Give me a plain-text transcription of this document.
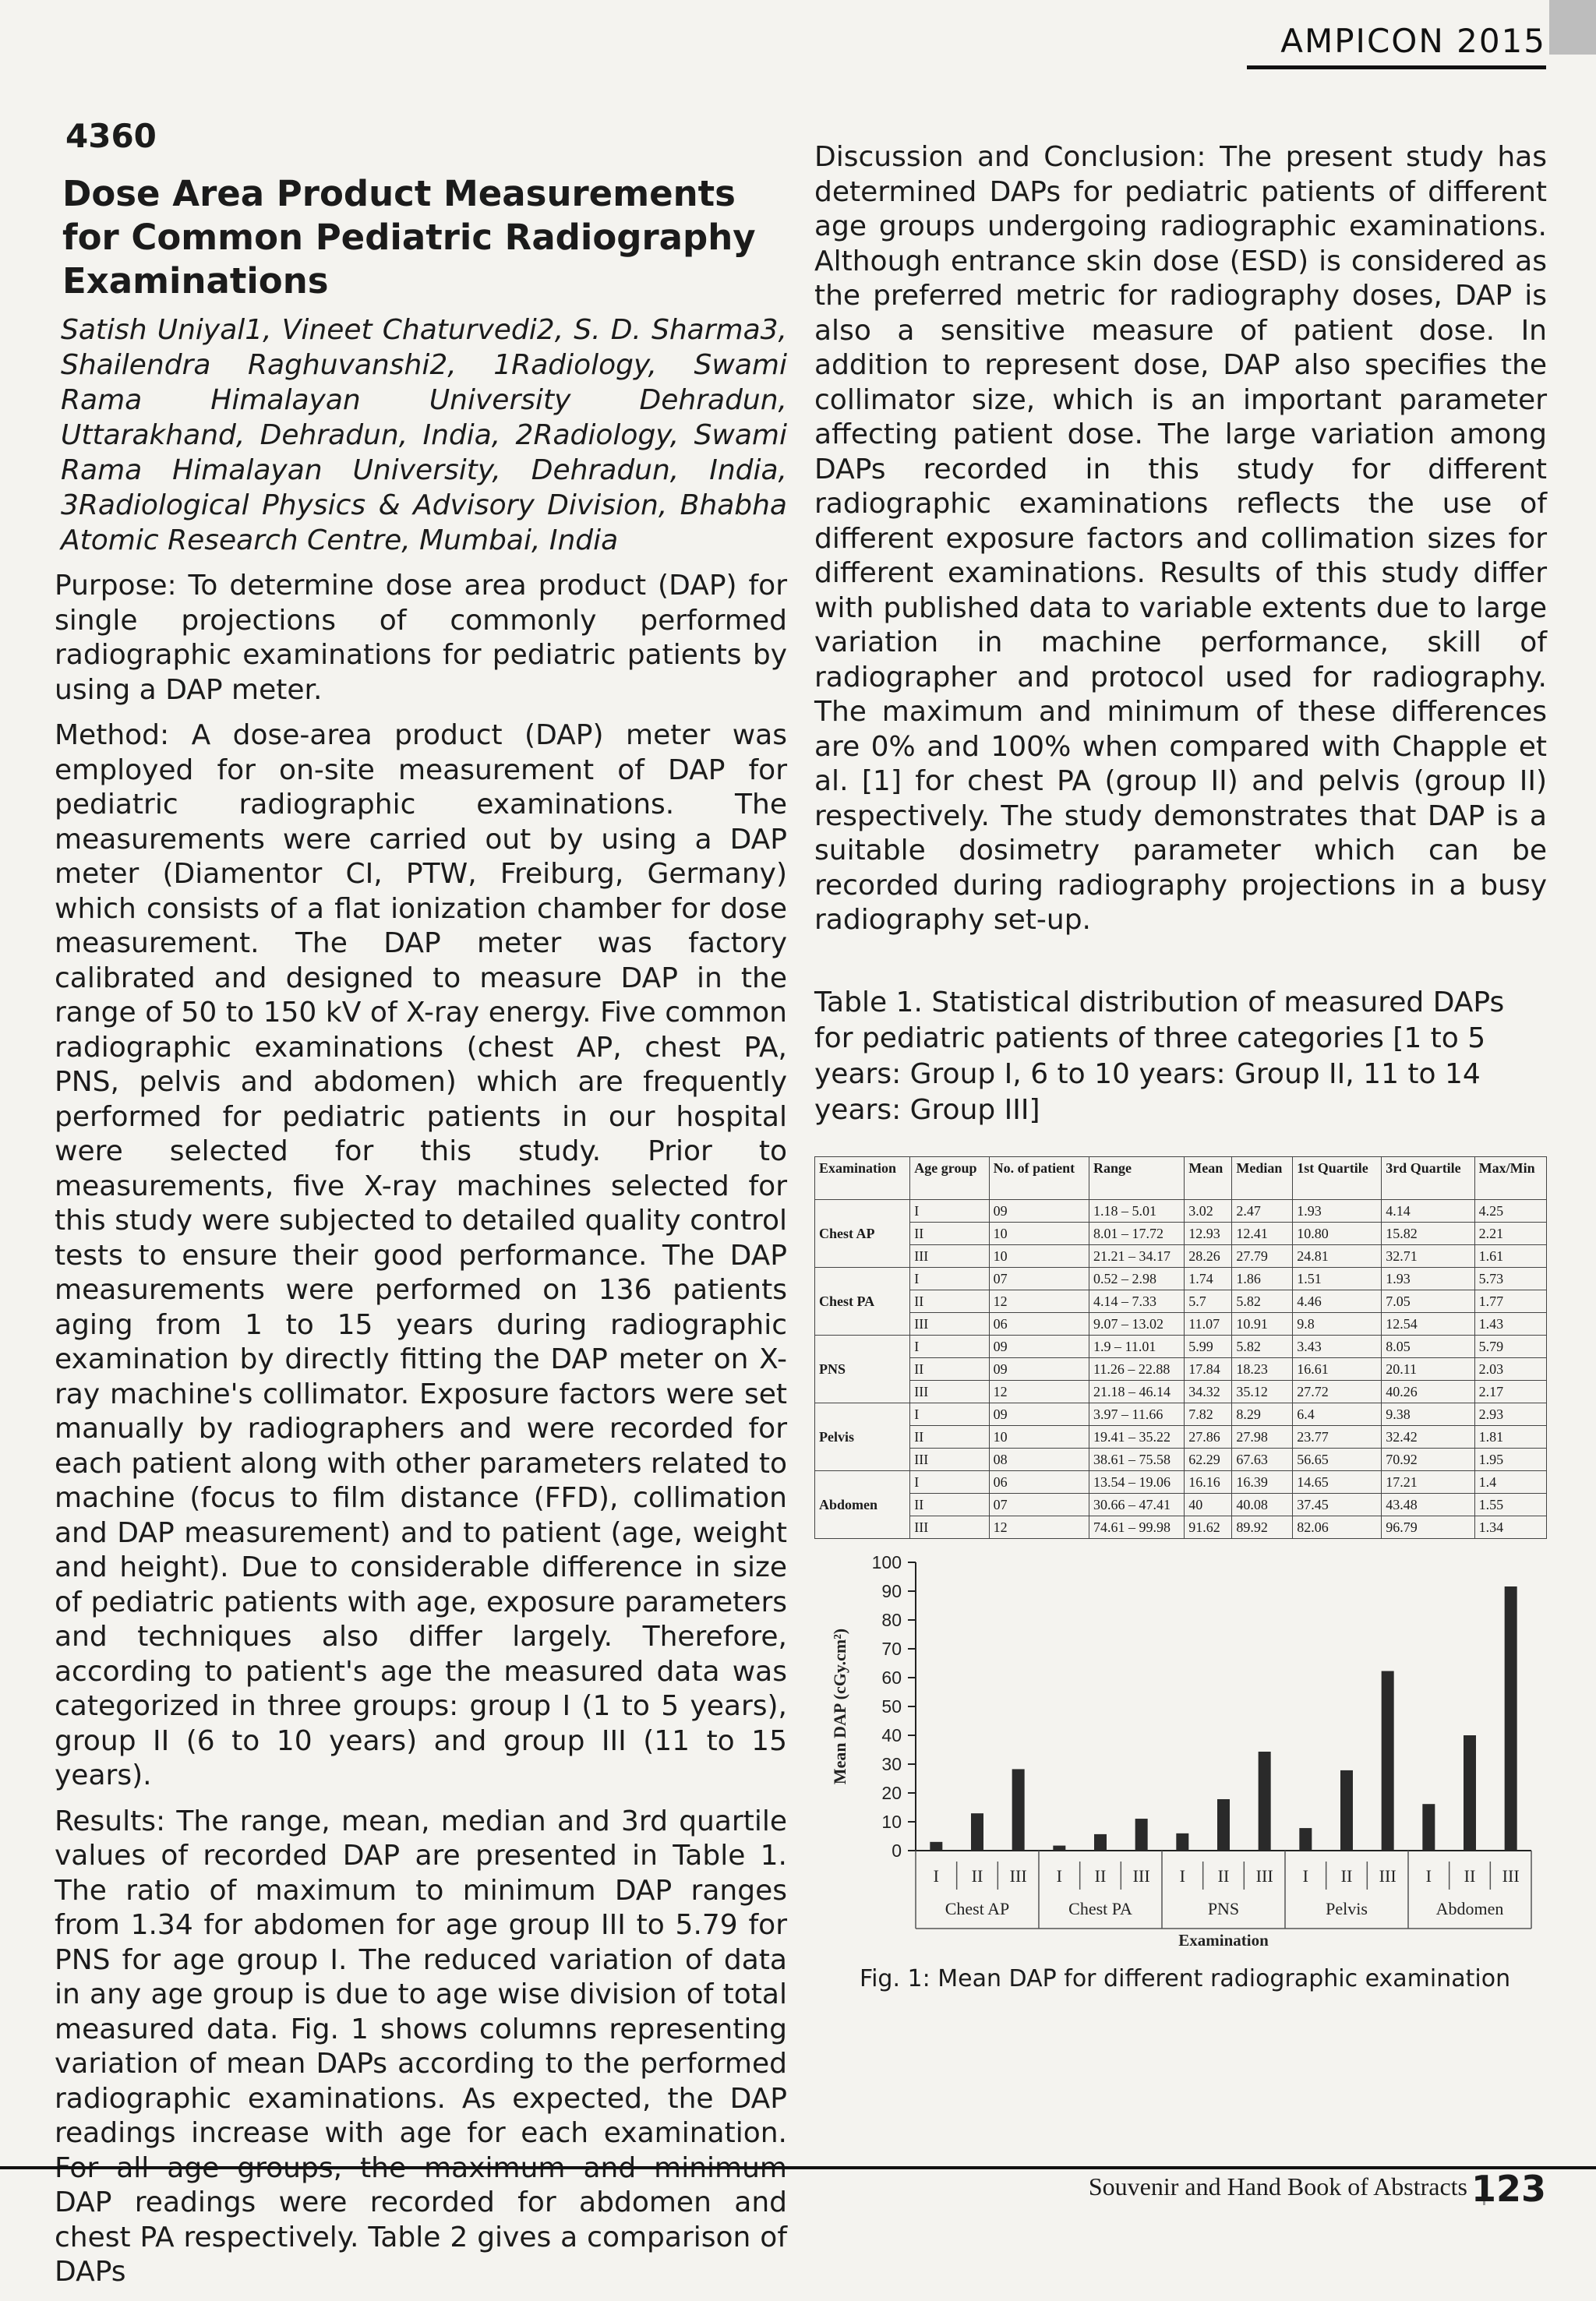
AMPICON 2015
4360
Dose Area Product Measurements for Common Pediatric Radiography Examinations
Satish Uniyal1, Vineet Chaturvedi2, S. D. Sharma3, Shailendra Raghuvanshi2, 1Radiology, Swami Rama Himalayan University Dehradun, Uttarakhand, Dehradun, India, 2Radiology, Swami Rama Himalayan University, Dehradun, India, 3Radiological Physics & Advisory Division, Bhabha Atomic Research Centre, Mumbai, India

Purpose: To determine dose area product (DAP) for single projections of commonly performed radiographic examinations for pediatric patients by using a DAP meter.

Method: A dose-area product (DAP) meter was employed for on-site measurement of DAP for pediatric radiographic examinations. The measurements were carried out by using a DAP meter (Diamentor CI, PTW, Freiburg, Germany) which consists of a flat ionization chamber for dose measurement. The DAP meter was factory calibrated and designed to measure DAP in the range of 50 to 150 kV of X-ray energy. Five common radiographic examinations (chest AP, chest PA, PNS, pelvis and abdomen) which are frequently performed for pediatric patients in our hospital were selected for this study. Prior to measurements, five X-ray machines selected for this study were subjected to detailed quality control tests to ensure their good performance. The DAP measurements were performed on 136 patients aging from 1 to 15 years during radiographic examination by directly fitting the DAP meter on X-ray machine's collimator. Exposure factors were set manually by radiographers and were recorded for each patient along with other parameters related to machine (focus to film distance (FFD), collimation and DAP measurement) and to patient (age, weight and height). Due to considerable difference in size of pediatric patients with age, exposure parameters and techniques also differ largely. Therefore, according to patient's age the measured data was categorized in three groups: group I (1 to 5 years), group II (6 to 10 years) and group III (11 to 15 years).

Results: The range, mean, median and 3rd quartile values of recorded DAP are presented in Table 1. The ratio of maximum to minimum DAP ranges from 1.34 for abdomen for age group III to 5.79 for PNS for age group I. The reduced variation of data in any age group is due to age wise division of total measured data. Fig. 1 shows columns representing variation of mean DAPs according to the performed radiographic examinations. As expected, the DAP readings increase with age for each examination. For all age groups, the maximum and minimum DAP readings were recorded for abdomen and chest PA respectively. Table 2 gives a comparison of DAPs

Discussion and Conclusion: The present study has determined DAPs for pediatric patients of different age groups undergoing radiographic examinations. Although entrance skin dose (ESD) is considered as the preferred metric for radiography doses, DAP is also a sensitive measure of patient dose. In addition to represent dose, DAP also specifies the collimator size, which is an important parameter affecting patient dose. The large variation among DAPs recorded in this study for different radiographic examinations reflects the use of different exposure factors and collimation sizes for different examinations. Results of this study differ with published data to variable extents due to large variation in machine performance, skill of radiographer and protocol used for radiography. The maximum and minimum of these differences are 0% and 100% when compared with Chapple et al. [1] for chest PA (group II) and pelvis (group II) respectively. The study demonstrates that DAP is a suitable dosimetry parameter which can be recorded during radiography projections in a busy radiography set-up.

Table 1. Statistical distribution of measured DAPs for pediatric patients of three categories [1 to 5 years: Group I, 6 to 10 years: Group II, 11 to 14 years: Group III]
Examination	Age group	No. of patient	Range	Mean	Median	1st Quartile	3rd Quartile	Max/Min
Chest AP	I	09	1.18 – 5.01	3.02	2.47	1.93	4.14	4.25
	II	10	8.01 – 17.72	12.93	12.41	10.80	15.82	2.21
	III	10	21.21 – 34.17	28.26	27.79	24.81	32.71	1.61
Chest PA	I	07	0.52 – 2.98	1.74	1.86	1.51	1.93	5.73
	II	12	4.14 – 7.33	5.7	5.82	4.46	7.05	1.77
	III	06	9.07 – 13.02	11.07	10.91	9.8	12.54	1.43
PNS	I	09	1.9 – 11.01	5.99	5.82	3.43	8.05	5.79
	II	09	11.26 – 22.88	17.84	18.23	16.61	20.11	2.03
	III	12	21.18 – 46.14	34.32	35.12	27.72	40.26	2.17
Pelvis	I	09	3.97 – 11.66	7.82	8.29	6.4	9.38	2.93
	II	10	19.41 – 35.22	27.86	27.98	23.77	32.42	1.81
	III	08	38.61 – 75.58	62.29	67.63	56.65	70.92	1.95
Abdomen	I	06	13.54 – 19.06	16.16	16.39	14.65	17.21	1.4
	II	07	30.66 – 47.41	40	40.08	37.45	43.48	1.55
	III	12	74.61 – 99.98	91.62	89.92	82.06	96.79	1.34
0
10
20
30
40
50
60
70
80
90
100
Mean DAP (cGy.cm²)
I II III
Chest AP
I II III
Chest PA
I II III
PNS
I II III
Pelvis
I II III
Abdomen
Examination
Fig. 1: Mean DAP for different radiographic examination
Souvenir and Hand Book of Abstracts 123
